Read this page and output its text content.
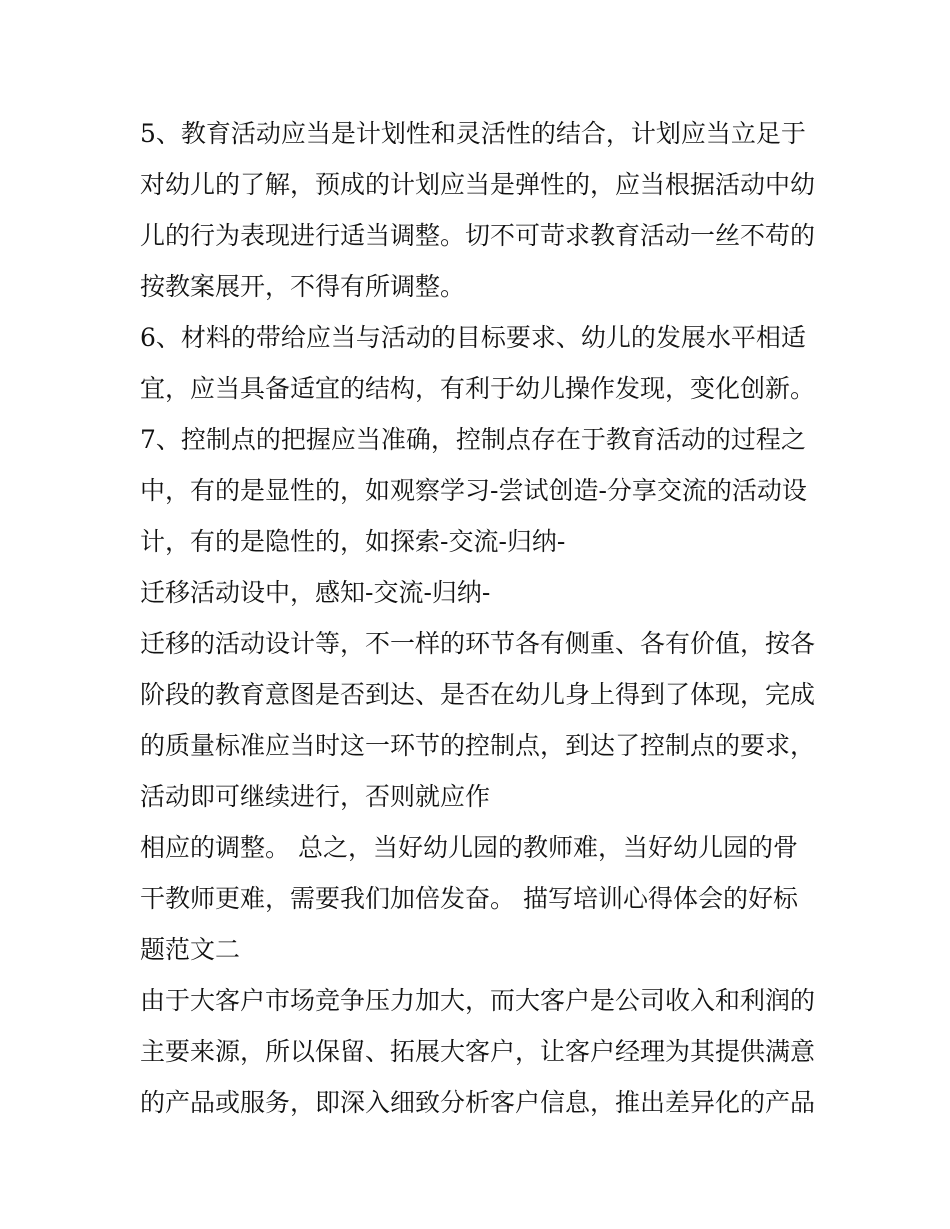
5、教育活动应当是计划性和灵活性的结合，计划应当立足于
对幼儿的了解，预成的计划应当是弹性的，应当根据活动中幼
儿的行为表现进行适当调整。切不可苛求教育活动一丝不苟的
按教案展开，不得有所调整。
6、材料的带给应当与活动的目标要求、幼儿的发展水平相适
宜，应当具备适宜的结构，有利于幼儿操作发现，变化创新。
7、控制点的把握应当准确，控制点存在于教育活动的过程之
中，有的是显性的，如观察学习-尝试创造-分享交流的活动设
计，有的是隐性的，如探索-交流-归纳-
迁移活动设中，感知-交流-归纳-
迁移的活动设计等，不一样的环节各有侧重、各有价值，按各
阶段的教育意图是否到达、是否在幼儿身上得到了体现，完成
的质量标准应当时这一环节的控制点，到达了控制点的要求，
活动即可继续进行，否则就应作
相应的调整。 总之，当好幼儿园的教师难，当好幼儿园的骨
干教师更难，需要我们加倍发奋。 描写培训心得体会的好标
题范文二
由于大客户市场竞争压力加大，而大客户是公司收入和利润的
主要来源，所以保留、拓展大客户，让客户经理为其提供满意
的产品或服务，即深入细致分析客户信息，推出差异化的产品
